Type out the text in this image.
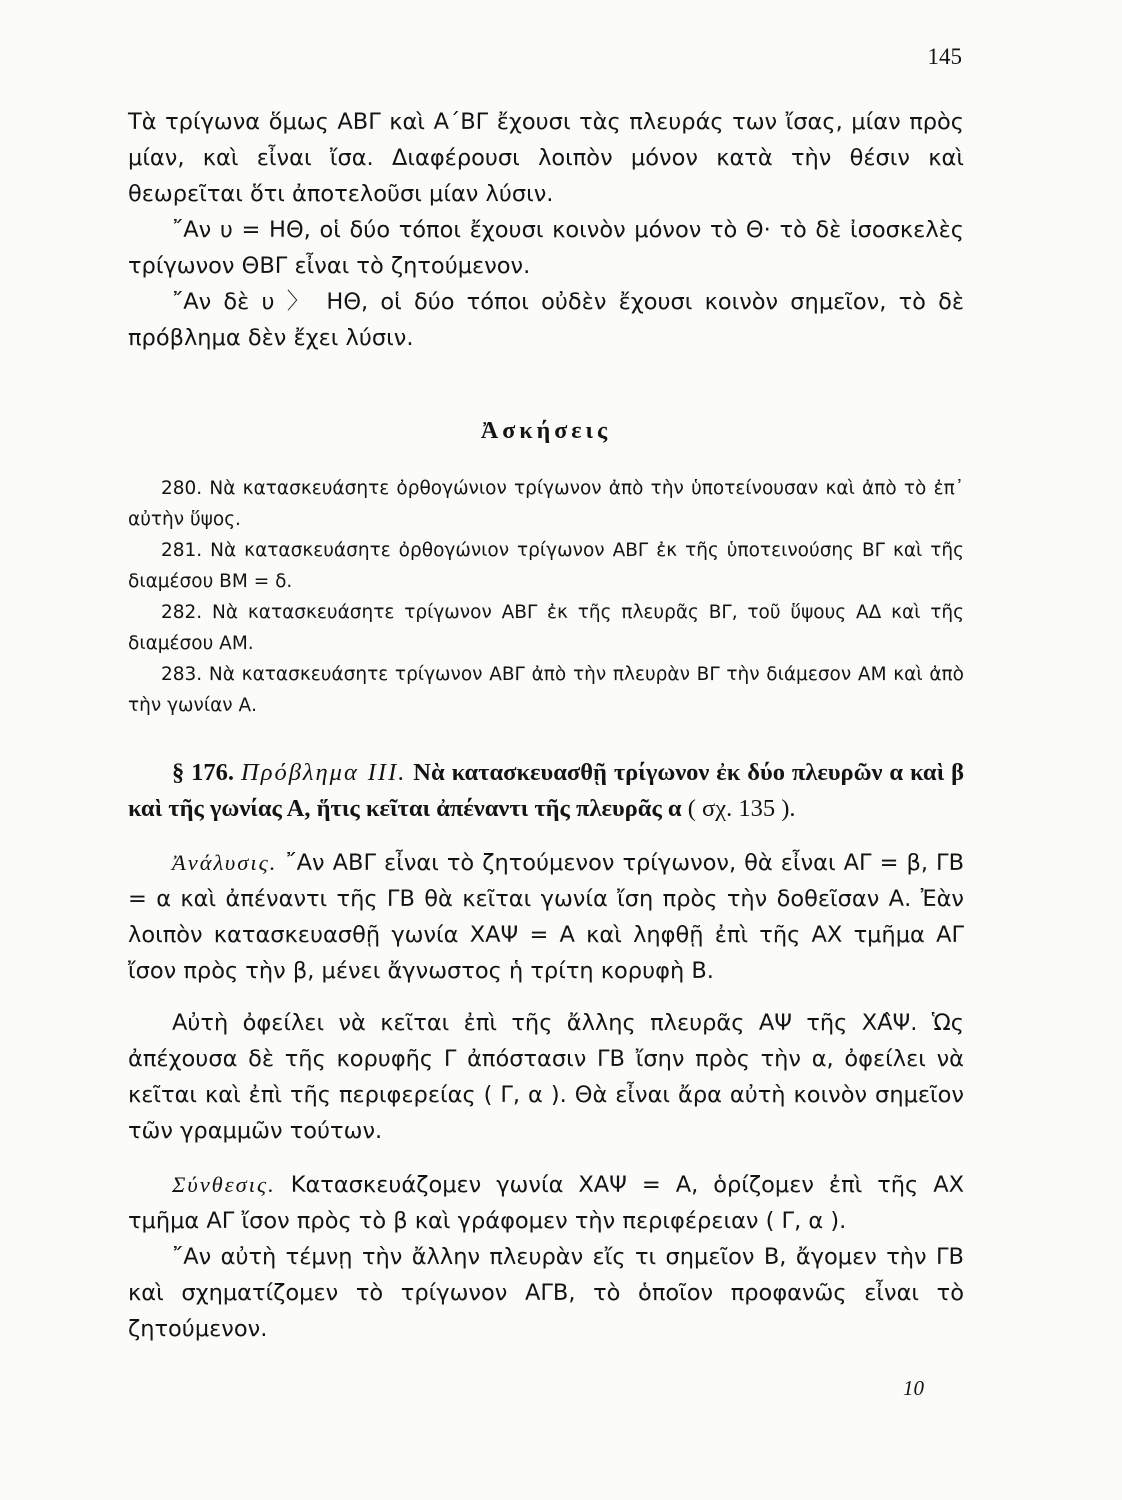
145

Τὰ τρίγωνα ὅμως ΑΒΓ καὶ Α΄ΒΓ ἔχουσι τὰς πλευράς των ἴσας, μίαν πρὸς μίαν, καὶ εἶναι ἴσα. Διαφέρουσι λοιπὸν μόνον κατὰ τὴν θέσιν καὶ θεωρεῖται ὅτι ἀποτελοῦσι μίαν λύσιν.

῎Αν υ = ΗΘ, οἱ δύο τόποι ἔχουσι κοινὸν μόνον τὸ Θ· τὸ δὲ ἰσοσκελὲς τρίγωνον ΘΒΓ εἶναι τὸ ζητούμενον.

῎Αν δὲ υ 〉 ΗΘ, οἱ δύο τόποι οὐδὲν ἔχουσι κοινὸν σημεῖον, τὸ δὲ πρόβλημα δὲν ἔχει λύσιν.

Ἀσκήσεις

280. Νὰ κατασκευάσητε ὀρθογώνιον τρίγωνον ἀπὸ τὴν ὑποτείνουσαν καὶ ἀπὸ τὸ ἐπ᾿ αὐτὴν ὕψος.

281. Νὰ κατασκευάσητε ὀρθογώνιον τρίγωνον ΑΒΓ ἐκ τῆς ὑποτεινούσης ΒΓ καὶ τῆς διαμέσου ΒΜ = δ.

282. Νὰ κατασκευάσητε τρίγωνον ΑΒΓ ἐκ τῆς πλευρᾶς ΒΓ, τοῦ ὕψους ΑΔ καὶ τῆς διαμέσου ΑΜ.

283. Νὰ κατασκευάσητε τρίγωνον ΑΒΓ ἀπὸ τὴν πλευρὰν ΒΓ τὴν διάμεσον ΑΜ καὶ ἀπὸ τὴν γωνίαν Α.

§ 176. Πρόβλημα ΙΙΙ. Νὰ κατασκευασθῇ τρίγωνον ἐκ δύο πλευρῶν α καὶ β καὶ τῆς γωνίας Α, ἥτις κεῖται ἀπέναντι τῆς πλευρᾶς α ( σχ. 135 ).

Ἀνάλυσις. ῎Αν ΑΒΓ εἶναι τὸ ζητούμενον τρίγωνον, θὰ εἶναι ΑΓ = β, ΓΒ = α καὶ ἀπέναντι τῆς ΓΒ θὰ κεῖται γωνία ἴση πρὸς τὴν δοθεῖσαν Α. Ἐὰν λοιπὸν κατασκευασθῇ γωνία ΧΑΨ = Α καὶ ληφθῇ ἐπὶ τῆς ΑΧ τμῆμα ΑΓ ἴσον πρὸς τὴν β, μένει ἄγνωστος ἡ τρίτη κορυφὴ Β.

Αὐτὴ ὀφείλει νὰ κεῖται ἐπὶ τῆς ἄλλης πλευρᾶς ΑΨ τῆς ΧΑ̂Ψ. Ὡς ἀπέχουσα δὲ τῆς κορυφῆς Γ ἀπόστασιν ΓΒ ἴσην πρὸς τὴν α, ὀφείλει νὰ κεῖται καὶ ἐπὶ τῆς περιφερείας ( Γ, α ). Θὰ εἶναι ἄρα αὐτὴ κοινὸν σημεῖον τῶν γραμμῶν τούτων.

Σύνθεσις. Κατασκευάζομεν γωνία ΧΑΨ = Α, ὁρίζομεν ἐπὶ τῆς ΑΧ τμῆμα ΑΓ ἴσον πρὸς τὸ β καὶ γράφομεν τὴν περιφέρειαν ( Γ, α ).

῎Αν αὐτὴ τέμνῃ τὴν ἄλλην πλευρὰν εἴς τι σημεῖον Β, ἄγομεν τὴν ΓΒ καὶ σχηματίζομεν τὸ τρίγωνον ΑΓΒ, τὸ ὁποῖον προφανῶς εἶναι τὸ ζητούμενον.

10
